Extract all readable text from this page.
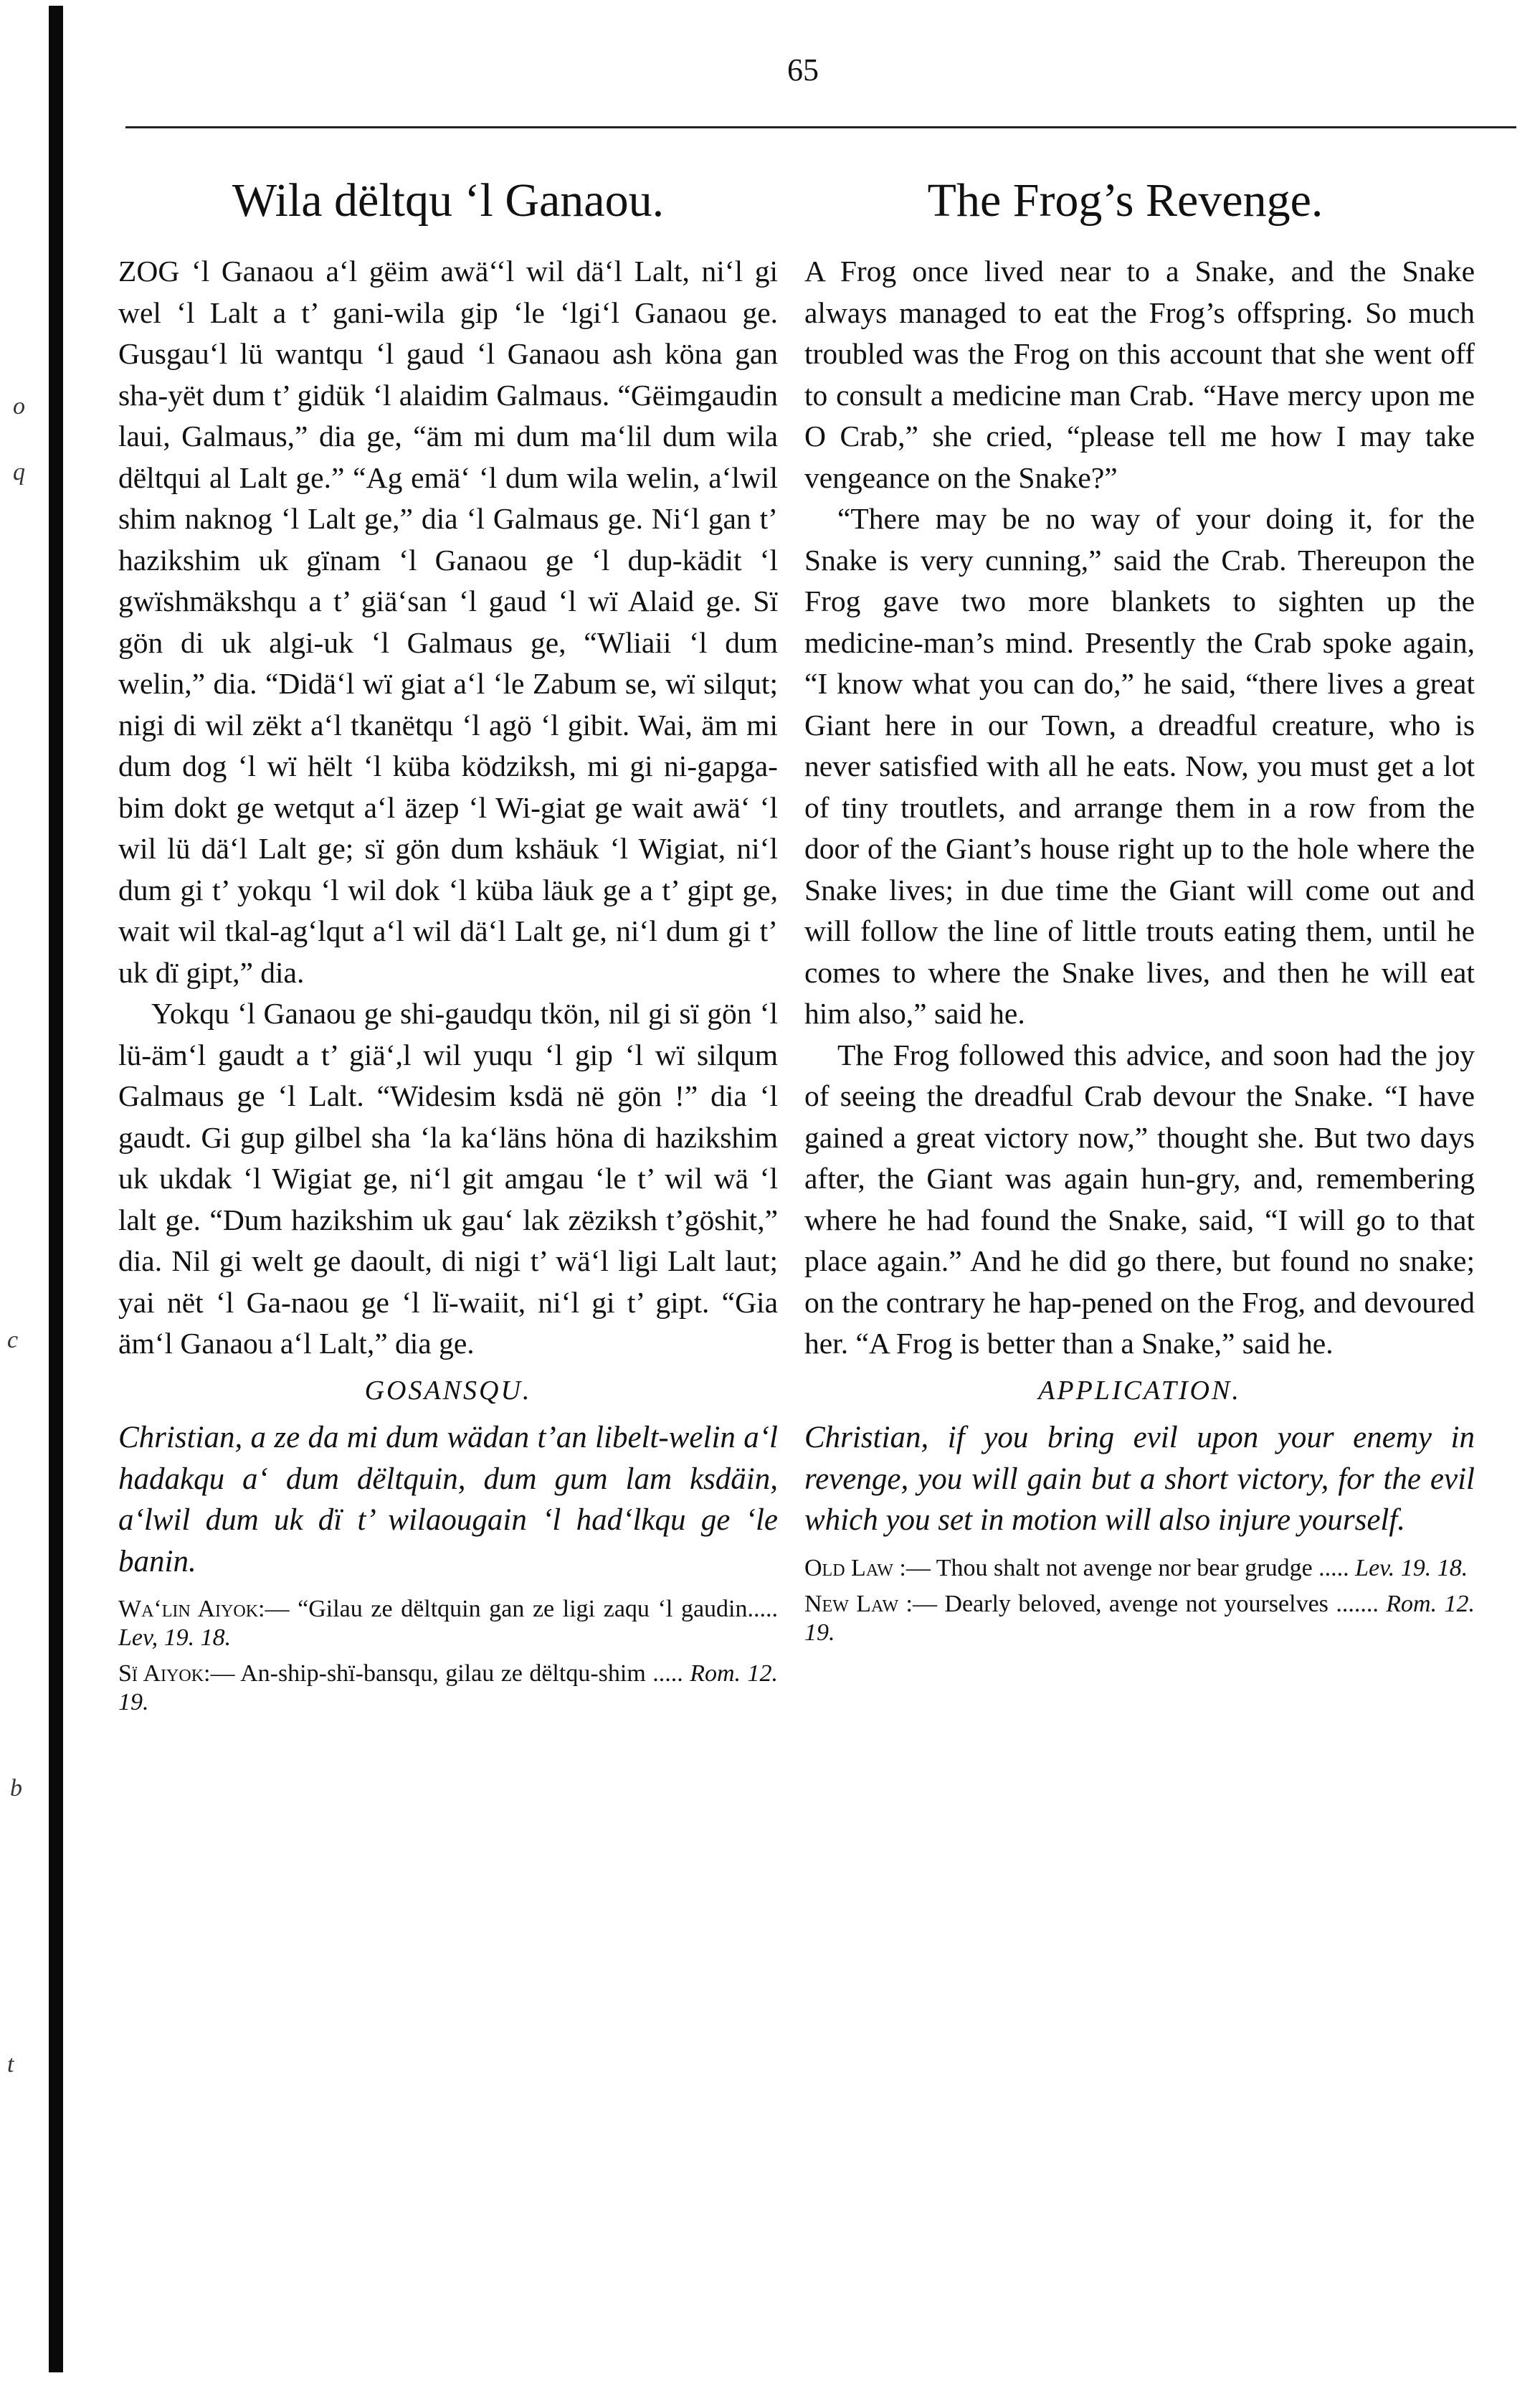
o
q
c
b
t
65
Wila dëltqu ‘l Ganaou.

ZOG ‘l Ganaou a‘l gëim awä‘‘l wil dä‘l Lalt, ni‘l gi wel ‘l Lalt a t’ gani-wila gip ‘le ‘lgi‘l Ganaou ge. Gusgau‘l lü wantqu ‘l gaud ‘l Ganaou ash köna gan sha-yët dum t’ gidük ‘l alaidim Galmaus. “Gëimgaudin laui, Galmaus,” dia ge, “äm mi dum ma‘lil dum wila dëltqui al Lalt ge.” “Ag emä‘ ‘l dum wila welin, a‘lwil shim naknog ‘l Lalt ge,” dia ‘l Galmaus ge. Ni‘l gan t’ hazikshim uk gïnam ‘l Ganaou ge ‘l dup-kädit ‘l gwïshmäkshqu a t’ giä‘san ‘l gaud ‘l wï Alaid ge. Sï gön di uk algi-uk ‘l Galmaus ge, “Wliaii ‘l dum welin,” dia. “Didä‘l wï giat a‘l ‘le Zabum se, wï silqut; nigi di wil zëkt a‘l tkanëtqu ‘l agö ‘l gibit. Wai, äm mi dum dog ‘l wï hëlt ‘l küba ködziksh, mi gi ni-gapga-bim dokt ge wetqut a‘l äzep ‘l Wi-giat ge wait awä‘ ‘l wil lü dä‘l Lalt ge; sï gön dum kshäuk ‘l Wigiat, ni‘l dum gi t’ yokqu ‘l wil dok ‘l küba läuk ge a t’ gipt ge, wait wil tkal-ag‘lqut a‘l wil dä‘l Lalt ge, ni‘l dum gi t’ uk dï gipt,” dia.

Yokqu ‘l Ganaou ge shi-gaudqu tkön, nil gi sï gön ‘l lü-äm‘l gaudt a t’ giä‘,l wil yuqu ‘l gip ‘l wï silqum Galmaus ge ‘l Lalt. “Widesim ksdä në gön !” dia ‘l gaudt. Gi gup gilbel sha ‘la ka‘läns höna di hazikshim uk ukdak ‘l Wigiat ge, ni‘l git amgau ‘le t’ wil wä ‘l lalt ge. “Dum hazikshim uk gau‘ lak zëziksh t’göshit,” dia. Nil gi welt ge daoult, di nigi t’ wä‘l ligi Lalt laut; yai nët ‘l Ga-naou ge ‘l lï-waiit, ni‘l gi t’ gipt. “Gia äm‘l Ganaou a‘l Lalt,” dia ge.

GOSANSQU.

Christian, a ze da mi dum wädan t’an libelt-welin a‘l hadakqu a‘ dum dëltquin, dum gum lam ksdäin, a‘lwil dum uk dï t’ wilaougain ‘l had‘lkqu ge ‘le banin.

Wa‘lin Aiyok:— “Gilau ze dëltquin gan ze ligi zaqu ‘l gaudin..... Lev, 19. 18.

Sï Aiyok:— An-ship-shï-bansqu, gilau ze dëltqu-shim ..... Rom. 12. 19.

The Frog’s Revenge.

A Frog once lived near to a Snake, and the Snake always managed to eat the Frog’s offspring. So much troubled was the Frog on this account that she went off to consult a medicine man Crab. “Have mercy upon me O Crab,” she cried, “please tell me how I may take vengeance on the Snake?”

“There may be no way of your doing it, for the Snake is very cunning,” said the Crab. Thereupon the Frog gave two more blankets to sighten up the medicine-man’s mind. Presently the Crab spoke again, “I know what you can do,” he said, “there lives a great Giant here in our Town, a dreadful creature, who is never satisfied with all he eats. Now, you must get a lot of tiny troutlets, and arrange them in a row from the door of the Giant’s house right up to the hole where the Snake lives; in due time the Giant will come out and will follow the line of little trouts eating them, until he comes to where the Snake lives, and then he will eat him also,” said he.

The Frog followed this advice, and soon had the joy of seeing the dreadful Crab devour the Snake. “I have gained a great victory now,” thought she. But two days after, the Giant was again hun-gry, and, remembering where he had found the Snake, said, “I will go to that place again.” And he did go there, but found no snake; on the contrary he hap-pened on the Frog, and devoured her. “A Frog is better than a Snake,” said he.

APPLICATION.

Christian, if you bring evil upon your enemy in revenge, you will gain but a short victory, for the evil which you set in motion will also injure yourself.

Old Law :— Thou shalt not avenge nor bear grudge ..... Lev. 19. 18.

New Law :— Dearly beloved, avenge not yourselves ....... Rom. 12. 19.
